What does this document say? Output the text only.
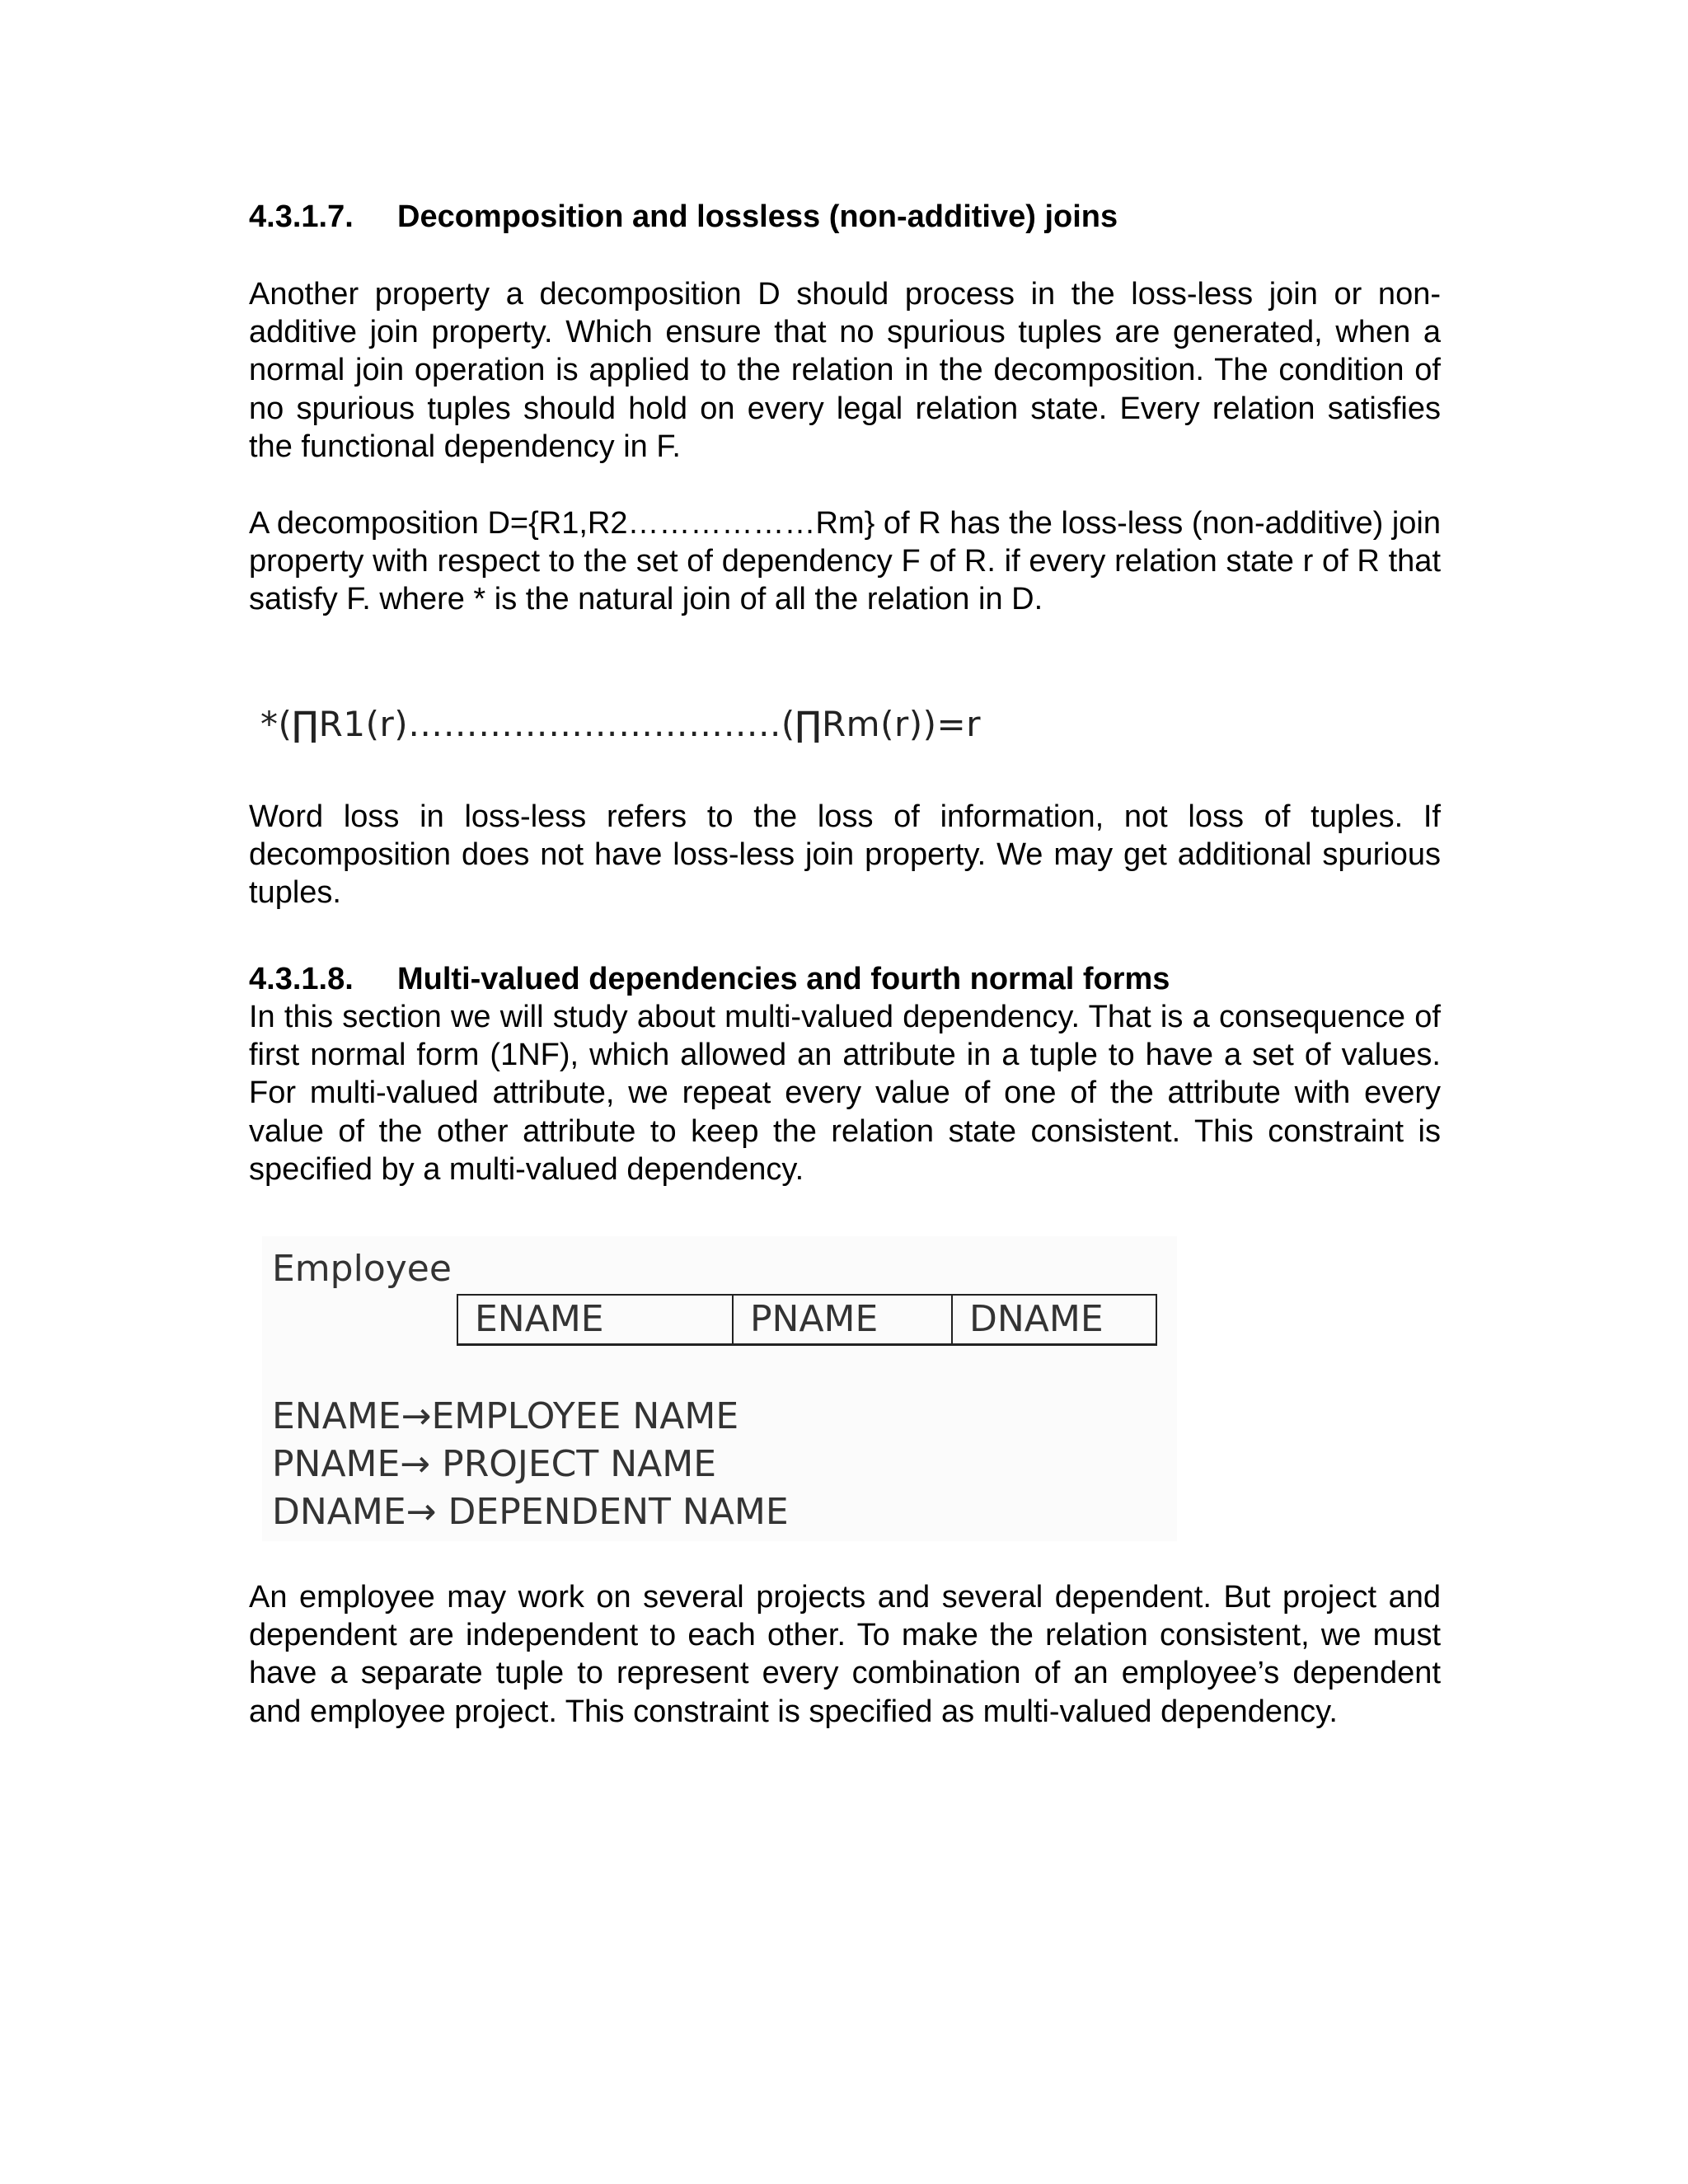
4.3.1.7. Decomposition and lossless (non-additive) joins

Another property a decomposition D should process in the loss-less join or non-additive join property. Which ensure that no spurious tuples are generated, when a normal join operation is applied to the relation in the decomposition. The condition of no spurious tuples should hold on every legal relation state. Every relation satisfies the functional dependency in F.

A decomposition D={R1,R2………………Rm} of R has the loss-less (non-additive) join property with respect to the set of dependency F of R. if every relation state r of R that satisfy F. where * is the natural join of all the relation in D.

*(∏R1(r)…………………………..(∏Rm(r))=r

Word loss in loss-less refers to the loss of information, not loss of tuples. If decomposition does not have loss-less join property. We may get additional spurious tuples.

4.3.1.8. Multi-valued dependencies and fourth normal forms

In this section we will study about multi-valued dependency. That is a consequence of first normal form (1NF), which allowed an attribute in a tuple to have a set of values. For multi-valued attribute, we repeat every value of one of the attribute with every value of the other attribute to keep the relation state consistent. This constraint is specified by a multi-valued dependency.

Employee
ENAME	PNAME	DNAME
ENAME→EMPLOYEE NAME
PNAME→ PROJECT NAME
DNAME→ DEPENDENT NAME

An employee may work on several projects and several dependent. But project and dependent are independent to each other. To make the relation consistent, we must have a separate tuple to represent every combination of an employee’s dependent and employee project. This constraint is specified as multi-valued dependency.
